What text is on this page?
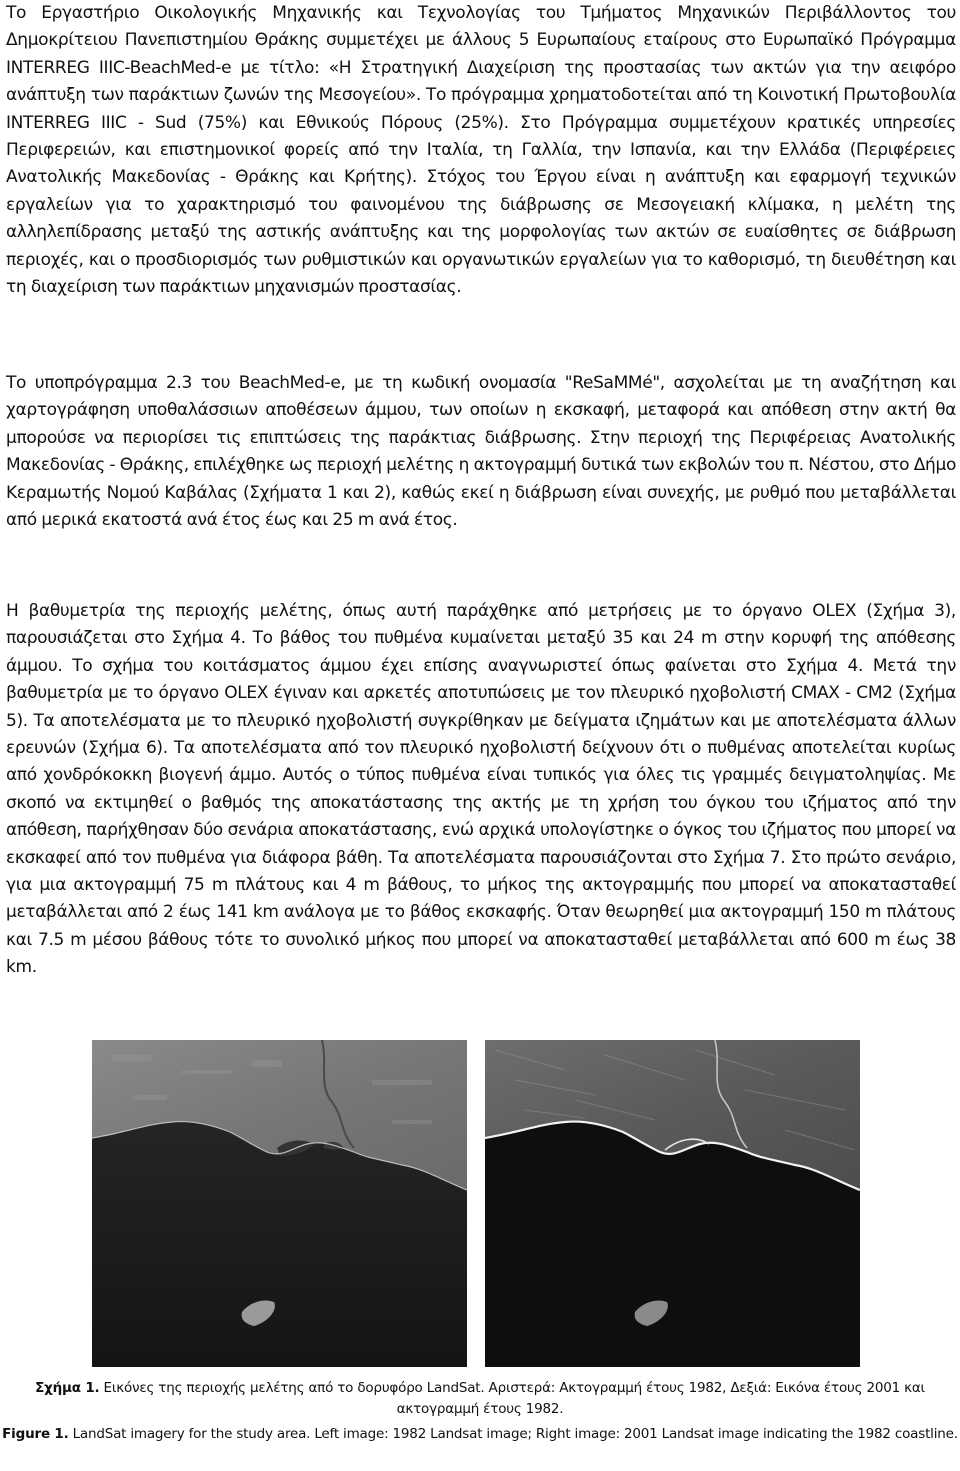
Το Εργαστήριο Οικολογικής Μηχανικής και Τεχνολογίας του Τμήματος Μηχανικών Περιβάλλοντος του Δημοκρίτειου Πανεπιστημίου Θράκης συμμετέχει με άλλους 5 Ευρωπαίους εταίρους στο Ευρωπαϊκό Πρόγραμμα INTERREG IIIC-BeachMed-e με τίτλο: «Η Στρατηγική Διαχείριση της προστασίας των ακτών για την αειφόρο ανάπτυξη των παράκτιων ζωνών της Μεσογείου». Το πρόγραμμα χρηματοδοτείται από τη Κοινοτική Πρωτοβουλία INTERREG IIIC - Sud (75%) και Εθνικούς Πόρους (25%). Στο Πρόγραμμα συμμετέχουν κρατικές υπηρεσίες Περιφερειών, και επιστημονικοί φορείς από την Ιταλία, τη Γαλλία, την Ισπανία, και την Ελλάδα (Περιφέρειες Ανατολικής Μακεδονίας - Θράκης και Κρήτης). Στόχος του Έργου είναι η ανάπτυξη και εφαρμογή τεχνικών εργαλείων για το χαρακτηρισμό του φαινομένου της διάβρωσης σε Μεσογειακή κλίμακα, η μελέτη της αλληλεπίδρασης μεταξύ της αστικής ανάπτυξης και της μορφολογίας των ακτών σε ευαίσθητες σε διάβρωση περιοχές, και ο προσδιορισμός των ρυθμιστικών και οργανωτικών εργαλείων για το καθορισμό, τη διευθέτηση και τη διαχείριση των παράκτιων μηχανισμών προστασίας.
Το υποπρόγραμμα 2.3 του BeachMed-e, με τη κωδική ονομασία "ReSaMMé", ασχολείται με τη αναζήτηση και χαρτογράφηση υποθαλάσσιων αποθέσεων άμμου, των οποίων η εκσκαφή, μεταφορά και απόθεση στην ακτή θα μπορούσε να περιορίσει τις επιπτώσεις της παράκτιας διάβρωσης. Στην περιοχή της Περιφέρειας Ανατολικής Μακεδονίας - Θράκης, επιλέχθηκε ως περιοχή μελέτης η ακτογραμμή δυτικά των εκβολών του π. Νέστου, στο Δήμο Κεραμωτής Νομού Καβάλας (Σχήματα 1 και 2), καθώς εκεί η διάβρωση είναι συνεχής, με ρυθμό που μεταβάλλεται από μερικά εκατοστά ανά έτος έως και 25 m ανά έτος.
Η βαθυμετρία της περιοχής μελέτης, όπως αυτή παράχθηκε από μετρήσεις με το όργανο OLEX (Σχήμα 3), παρουσιάζεται στο Σχήμα 4. Το βάθος του πυθμένα κυμαίνεται μεταξύ 35 και 24 m στην κορυφή της απόθεσης άμμου. Το σχήμα του κοιτάσματος άμμου έχει επίσης αναγνωριστεί όπως φαίνεται στο Σχήμα 4. Μετά την βαθυμετρία με το όργανο OLEX έγιναν και αρκετές αποτυπώσεις με τον πλευρικό ηχοβολιστή CMAX - CM2 (Σχήμα 5). Τα αποτελέσματα με το πλευρικό ηχοβολιστή συγκρίθηκαν με δείγματα ιζημάτων και με αποτελέσματα άλλων ερευνών (Σχήμα 6). Τα αποτελέσματα από τον πλευρικό ηχοβολιστή δείχνουν ότι ο πυθμένας αποτελείται κυρίως από χονδρόκοκκη βιογενή άμμο. Αυτός ο τύπος πυθμένα είναι τυπικός για όλες τις γραμμές δειγματοληψίας. Με σκοπό να εκτιμηθεί ο βαθμός της αποκατάστασης της ακτής με τη χρήση του όγκου του ιζήματος από την απόθεση, παρήχθησαν δύο σενάρια αποκατάστασης, ενώ αρχικά υπολογίστηκε ο όγκος του ιζήματος που μπορεί να εκσκαφεί από τον πυθμένα για διάφορα βάθη. Τα αποτελέσματα παρουσιάζονται στο Σχήμα 7. Στο πρώτο σενάριο, για μια ακτογραμμή 75 m πλάτους και 4 m βάθους, το μήκος της ακτογραμμής που μπορεί να αποκατασταθεί μεταβάλλεται από 2 έως 141 km ανάλογα με το βάθος εκσκαφής. Όταν θεωρηθεί μια ακτογραμμή 150 m πλάτους και 7.5 m μέσου βάθους τότε το συνολικό μήκος που μπορεί να αποκατασταθεί μεταβάλλεται από 600 m έως 38 km.
Σχήμα 1. Εικόνες της περιοχής μελέτης από το δορυφόρο LandSat. Αριστερά: Ακτογραμμή έτους 1982, Δεξιά: Εικόνα έτους 2001 και ακτογραμμή έτους 1982.
Figure 1. LandSat imagery for the study area. Left image: 1982 Landsat image; Right image: 2001 Landsat image indicating the 1982 coastline.
